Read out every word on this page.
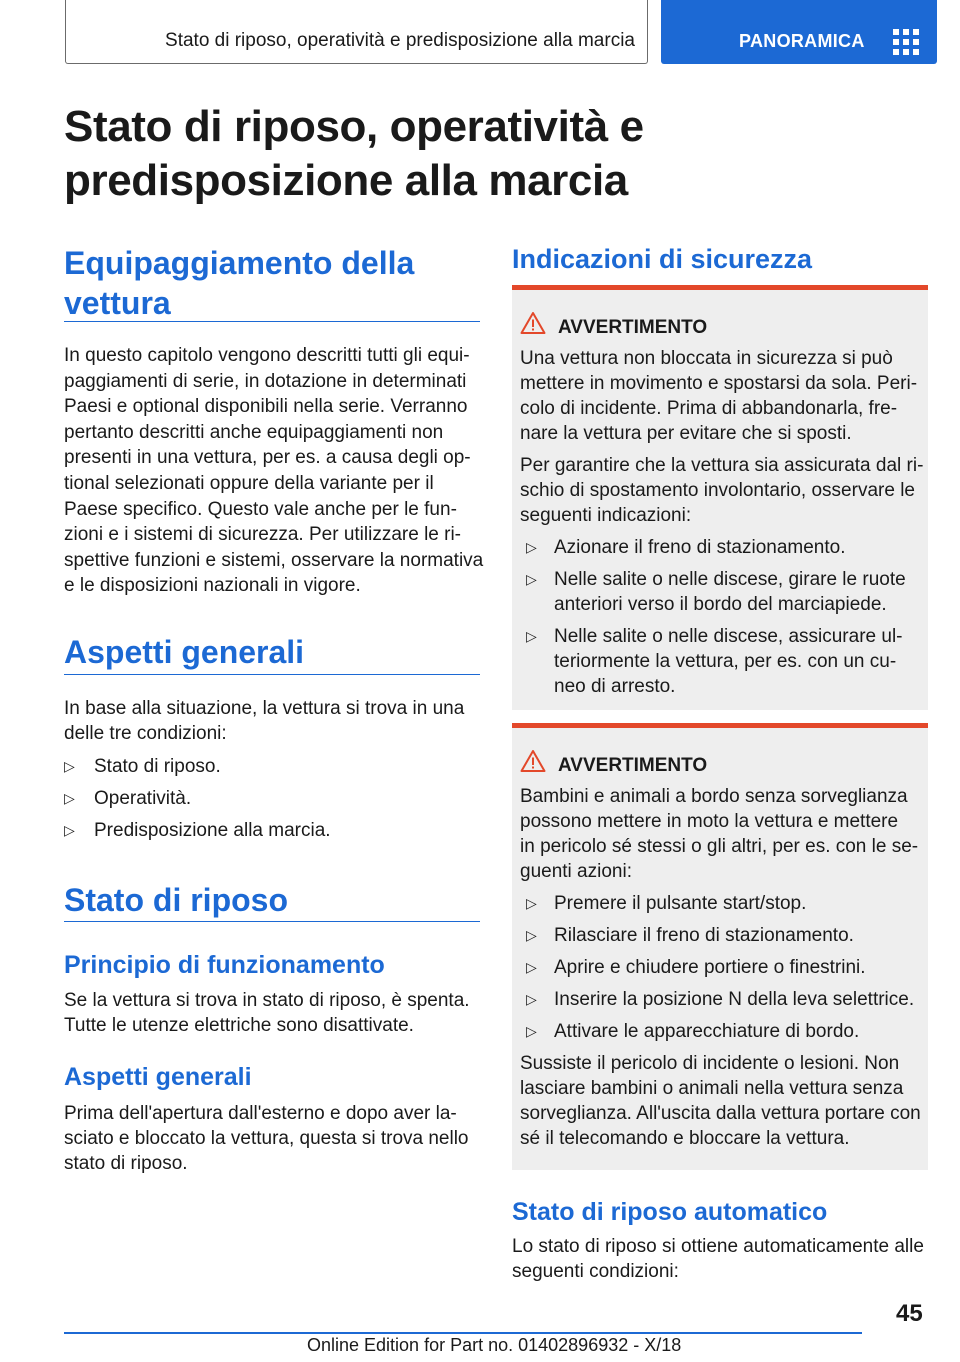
Stato di riposo, operatività e predisposizione alla marcia	PANORAMICA
Stato di riposo, operatività e
predisposizione alla marcia
Equipaggiamento della
vettura
In questo capitolo vengono descritti tutti gli equi-
paggiamenti di serie, in dotazione in determinati
Paesi e optional disponibili nella serie. Verranno
pertanto descritti anche equipaggiamenti non
presenti in una vettura, per es. a causa degli op-
tional selezionati oppure della variante per il
Paese specifico. Questo vale anche per le fun-
zioni e i sistemi di sicurezza. Per utilizzare le ri-
spettive funzioni e sistemi, osservare la normativa
e le disposizioni nazionali in vigore.
Aspetti generali
In base alla situazione, la vettura si trova in una
delle tre condizioni:
▷ Stato di riposo.
▷ Operatività.
▷ Predisposizione alla marcia.
Stato di riposo
Principio di funzionamento
Se la vettura si trova in stato di riposo, è spenta.
Tutte le utenze elettriche sono disattivate.
Aspetti generali
Prima dell'apertura dall'esterno e dopo aver la-
sciato e bloccato la vettura, questa si trova nello
stato di riposo.
Indicazioni di sicurezza
AVVERTIMENTO
Una vettura non bloccata in sicurezza si può
mettere in movimento e spostarsi da sola. Peri-
colo di incidente. Prima di abbandonarla, fre-
nare la vettura per evitare che si sposti.
Per garantire che la vettura sia assicurata dal ri-
schio di spostamento involontario, osservare le
seguenti indicazioni:
▷ Azionare il freno di stazionamento.
▷ Nelle salite o nelle discese, girare le ruote
anteriori verso il bordo del marciapiede.
▷ Nelle salite o nelle discese, assicurare ul-
teriormente la vettura, per es. con un cu-
neo di arresto.
AVVERTIMENTO
Bambini e animali a bordo senza sorveglianza
possono mettere in moto la vettura e mettere
in pericolo sé stessi o gli altri, per es. con le se-
guenti azioni:
▷ Premere il pulsante start/stop.
▷ Rilasciare il freno di stazionamento.
▷ Aprire e chiudere portiere o finestrini.
▷ Inserire la posizione N della leva selettrice.
▷ Attivare le apparecchiature di bordo.
Sussiste il pericolo di incidente o lesioni. Non
lasciare bambini o animali nella vettura senza
sorveglianza. All'uscita dalla vettura portare con
sé il telecomando e bloccare la vettura.
Stato di riposo automatico
Lo stato di riposo si ottiene automaticamente alle
seguenti condizioni:
45
Online Edition for Part no. 01402896932 - X/18
